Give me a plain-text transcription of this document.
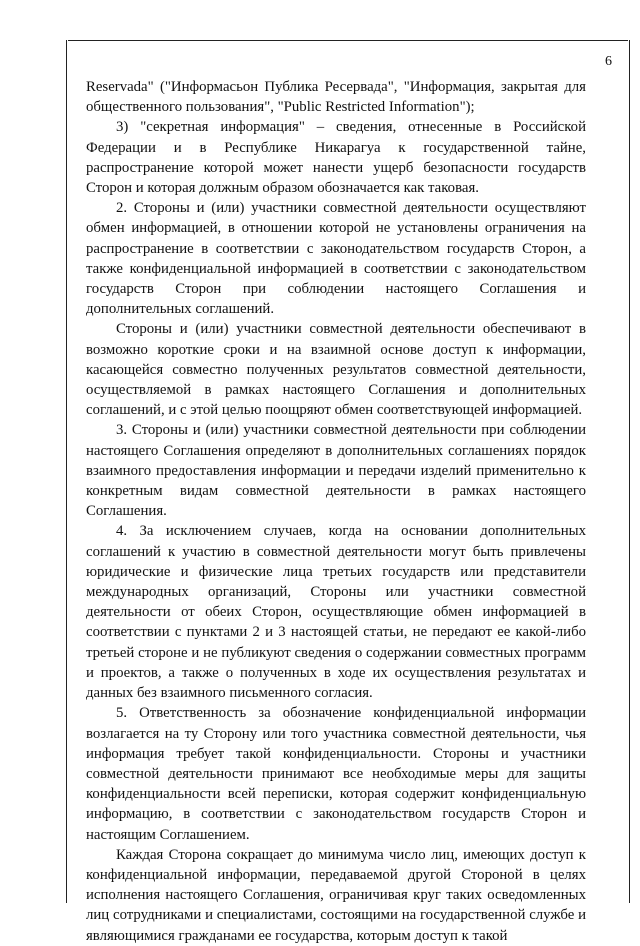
6

Reservada" ("Информасьон Публика Ресервада", "Информация, закрытая для общественного пользования", "Public Restricted Information");

3) "секретная информация" – сведения, отнесенные в Российской Федерации и в Республике Никарагуа к государственной тайне, распространение которой может нанести ущерб безопасности государств Сторон и которая должным образом обозначается как таковая.

2. Стороны и (или) участники совместной деятельности осуществляют обмен информацией, в отношении которой не установлены ограничения на распространение в соответствии с законодательством государств Сторон, а также конфиденциальной информацией в соответствии с законодательством государств Сторон при соблюдении настоящего Соглашения и дополнительных соглашений.

Стороны и (или) участники совместной деятельности обеспечивают в возможно короткие сроки и на взаимной основе доступ к информации, касающейся совместно полученных результатов совместной деятельности, осуществляемой в рамках настоящего Соглашения и дополнительных соглашений, и с этой целью поощряют обмен соответствующей информацией.

3. Стороны и (или) участники совместной деятельности при соблюдении настоящего Соглашения определяют в дополнительных соглашениях порядок взаимного предоставления информации и передачи изделий применительно к конкретным видам совместной деятельности в рамках настоящего Соглашения.

4. За исключением случаев, когда на основании дополнительных соглашений к участию в совместной деятельности могут быть привлечены юридические и физические лица третьих государств или представители международных организаций, Стороны или участники совместной деятельности от обеих Сторон, осуществляющие обмен информацией в соответствии с пунктами 2 и 3 настоящей статьи, не передают ее какой-либо третьей стороне и не публикуют сведения о содержании совместных программ и проектов, а также о полученных в ходе их осуществления результатах и данных без взаимного письменного согласия.

5. Ответственность за обозначение конфиденциальной информации возлагается на ту Сторону или того участника совместной деятельности, чья информация требует такой конфиденциальности. Стороны и участники совместной деятельности принимают все необходимые меры для защиты конфиденциальности всей переписки, которая содержит конфиденциальную информацию, в соответствии с законодательством государств Сторон и настоящим Соглашением.

Каждая Сторона сокращает до минимума число лиц, имеющих доступ к конфиденциальной информации, передаваемой другой Стороной в целях исполнения настоящего Соглашения, ограничивая круг таких осведомленных лиц сотрудниками и специалистами, состоящими на государственной службе и являющимися гражданами ее государства, которым доступ к такой
